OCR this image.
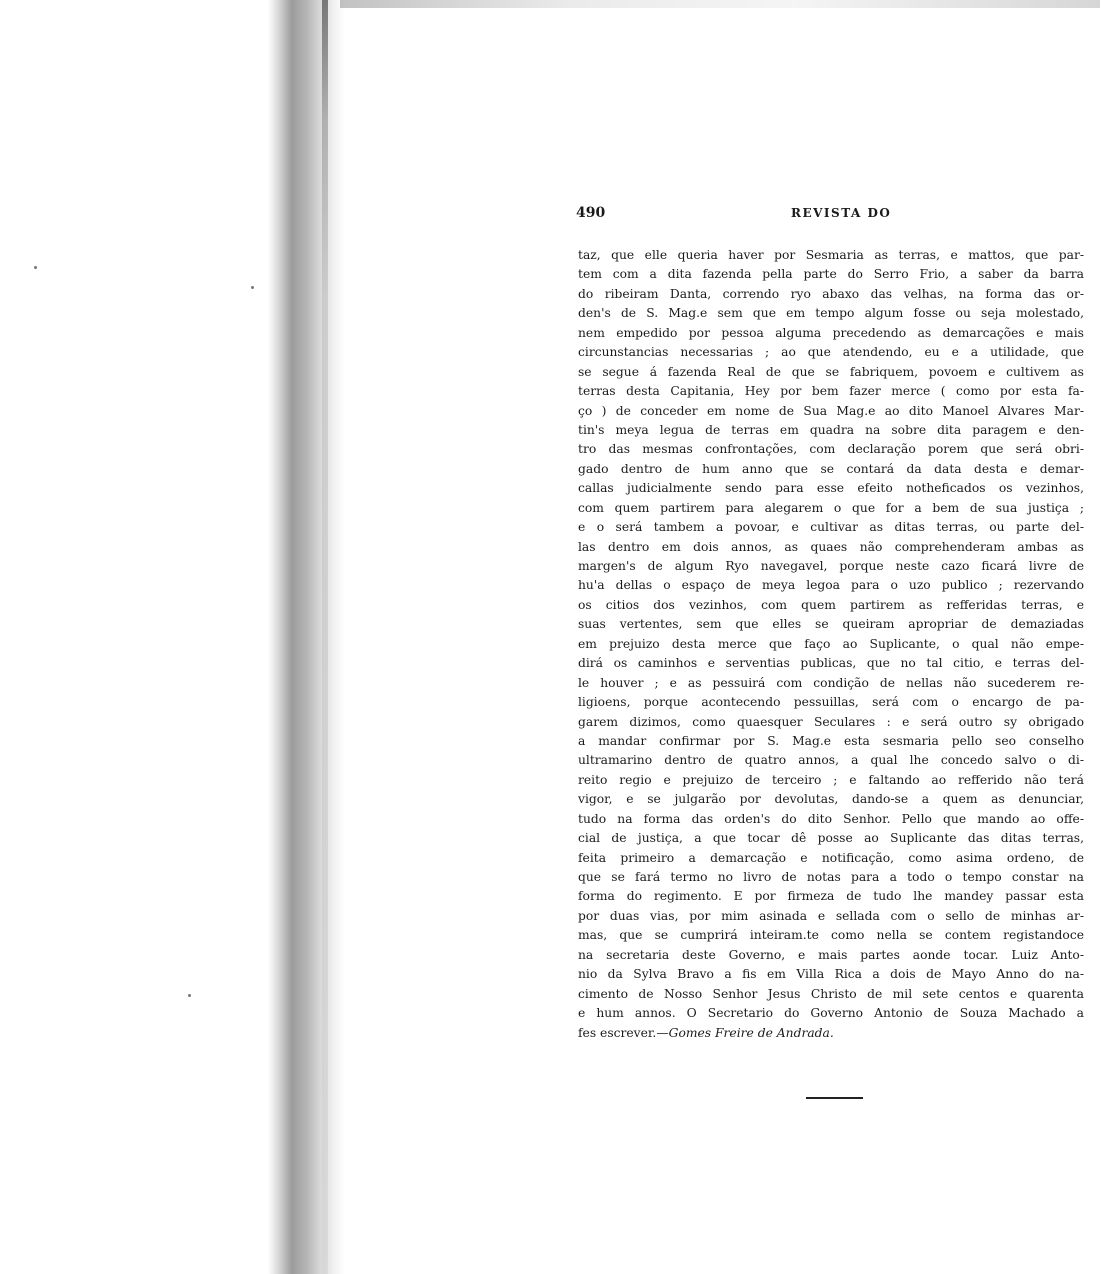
490	REVISTA DO
taz, que elle queria haver por Sesmaria as terras, e mattos, que par-
tem com a dita fazenda pella parte do Serro Frio, a saber da barra
do ribeiram Danta, correndo ryo abaxo das velhas, na forma das or-
den's de S. Mag.e sem que em tempo algum fosse ou seja molestado,
nem empedido por pessoa alguma precedendo as demarcações e mais
circunstancias necessarias ; ao que atendendo, eu e a utilidade, que
se segue á fazenda Real de que se fabriquem, povoem e cultivem as
terras desta Capitania, Hey por bem fazer merce ( como por esta fa-
ço ) de conceder em nome de Sua Mag.e ao dito Manoel Alvares Mar-
tin's meya legua de terras em quadra na sobre dita paragem e den-
tro das mesmas confrontações, com declaração porem que será obri-
gado dentro de hum anno que se contará da data desta e demar-
callas judicialmente sendo para esse efeito notheficados os vezinhos,
com quem partirem para alegarem o que for a bem de sua justiça ;
e o será tambem a povoar, e cultivar as ditas terras, ou parte del-
las dentro em dois annos, as quaes não comprehenderam ambas as
margen's de algum Ryo navegavel, porque neste cazo ficará livre de
hu'a dellas o espaço de meya legoa para o uzo publico ; rezervando
os citios dos vezinhos, com quem partirem as refferidas terras, e
suas vertentes, sem que elles se queiram apropriar de demaziadas
em prejuizo desta merce que faço ao Suplicante, o qual não empe-
dirá os caminhos e serventias publicas, que no tal citio, e terras del-
le houver ; e as pessuirá com condição de nellas não sucederem re-
ligioens, porque acontecendo pessuillas, será com o encargo de pa-
garem dizimos, como quaesquer Seculares : e será outro sy obrigado
a mandar confirmar por S. Mag.e esta sesmaria pello seo conselho
ultramarino dentro de quatro annos, a qual lhe concedo salvo o di-
reito regio e prejuizo de terceiro ; e faltando ao refferido não terá
vigor, e se julgarão por devolutas, dando-se a quem as denunciar,
tudo na forma das orden's do dito Senhor. Pello que mando ao offe-
cial de justiça, a que tocar dê posse ao Suplicante das ditas terras,
feita primeiro a demarcação e notificação, como asima ordeno, de
que se fará termo no livro de notas para a todo o tempo constar na
forma do regimento. E por firmeza de tudo lhe mandey passar esta
por duas vias, por mim asinada e sellada com o sello de minhas ar-
mas, que se cumprirá inteiram.te como nella se contem registandoce
na secretaria deste Governo, e mais partes aonde tocar. Luiz Anto-
nio da Sylva Bravo a fis em Villa Rica a dois de Mayo Anno do na-
cimento de Nosso Senhor Jesus Christo de mil sete centos e quarenta
e hum annos. O Secretario do Governo Antonio de Souza Machado a
fes escrever.—Gomes Freire de Andrada.
